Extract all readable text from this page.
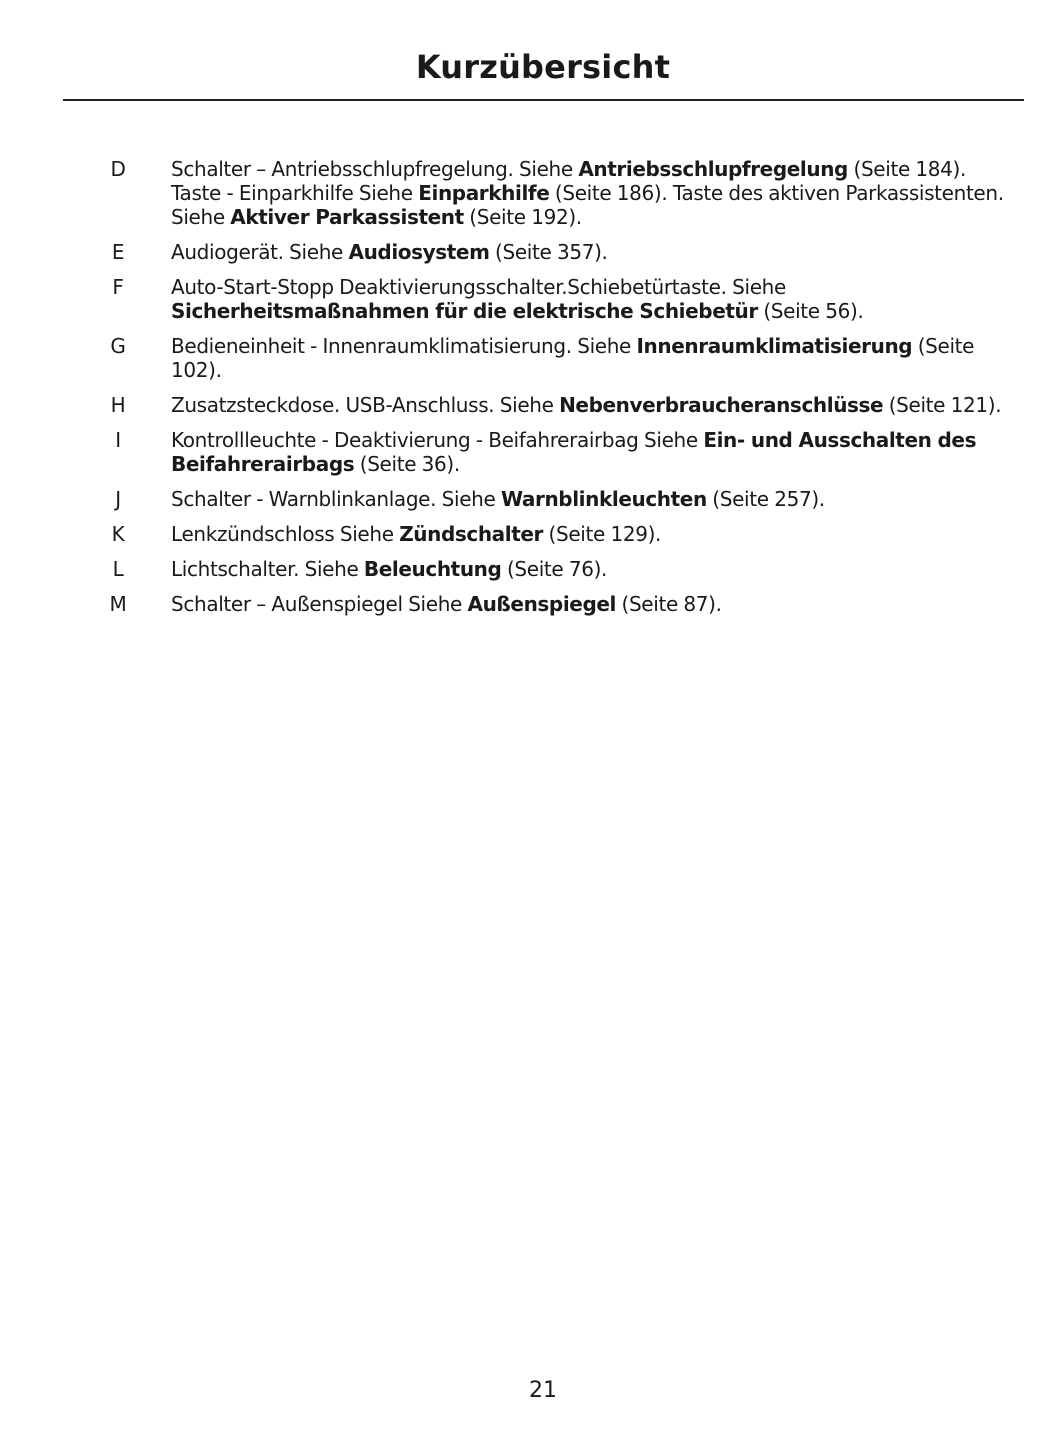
Kurzübersicht
D	Schalter – Antriebsschlupfregelung. Siehe Antriebsschlupfregelung (Seite 184). Taste - Einparkhilfe Siehe Einparkhilfe (Seite 186). Taste des aktiven Parkassistenten. Siehe Aktiver Parkassistent (Seite 192).
E	Audiogerät. Siehe Audiosystem (Seite 357).
F	Auto-Start-Stopp Deaktivierungsschalter.Schiebetürtaste. Siehe Sicherheitsmaßnahmen für die elektrische Schiebetür (Seite 56).
G	Bedieneinheit - Innenraumklimatisierung. Siehe Innenraumklimatisierung (Seite 102).
H	Zusatzsteckdose. USB-Anschluss. Siehe Nebenverbraucheranschlüsse (Seite 121).
I	Kontrollleuchte - Deaktivierung - Beifahrerairbag Siehe Ein- und Ausschalten des Beifahrerairbags (Seite 36).
J	Schalter - Warnblinkanlage. Siehe Warnblinkleuchten (Seite 257).
K	Lenkzündschloss Siehe Zündschalter (Seite 129).
L	Lichtschalter. Siehe Beleuchtung (Seite 76).
M	Schalter – Außenspiegel Siehe Außenspiegel (Seite 87).
21
